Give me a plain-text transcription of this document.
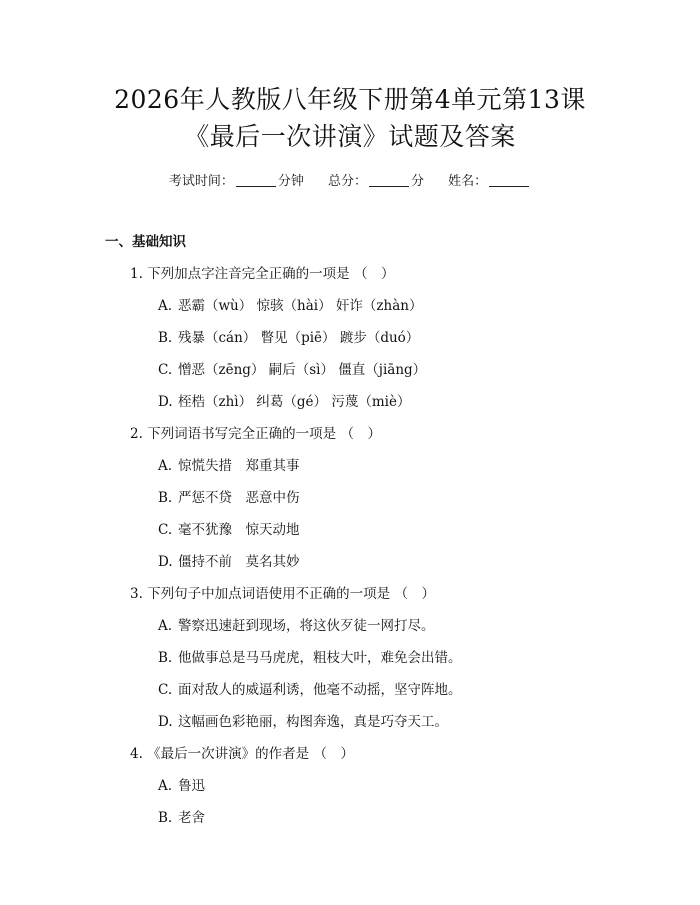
2026年人教版八年级下册第4单元第13课
《最后一次讲演》试题及答案
考试时间：	分钟 总分：	分 姓名：
一、基础知识
1. 下列加点字注音完全正确的一项是 （　）
A. 恶霸（wù） 惊骇（hài） 奸诈（zhàn）
B. 残暴（cán） 瞥见（piē） 踱步（duó）
C. 憎恶（zēng） 嗣后（sì） 僵直（jiāng）
D. 桎梏（zhì） 纠葛（gé） 污蔑（miè）
2. 下列词语书写完全正确的一项是 （　）
A. 惊慌失措　郑重其事
B. 严惩不贷　恶意中伤
C. 毫不犹豫　惊天动地
D. 僵持不前　莫名其妙
3. 下列句子中加点词语使用不正确的一项是 （　）
A. 警察迅速赶到现场，将这伙歹徒一网打尽。
B. 他做事总是马马虎虎，粗枝大叶，难免会出错。
C. 面对敌人的威逼利诱，他毫不动摇，坚守阵地。
D. 这幅画色彩艳丽，构图奔逸，真是巧夺天工。
4. 《最后一次讲演》的作者是 （　）
A. 鲁迅
B. 老舍
